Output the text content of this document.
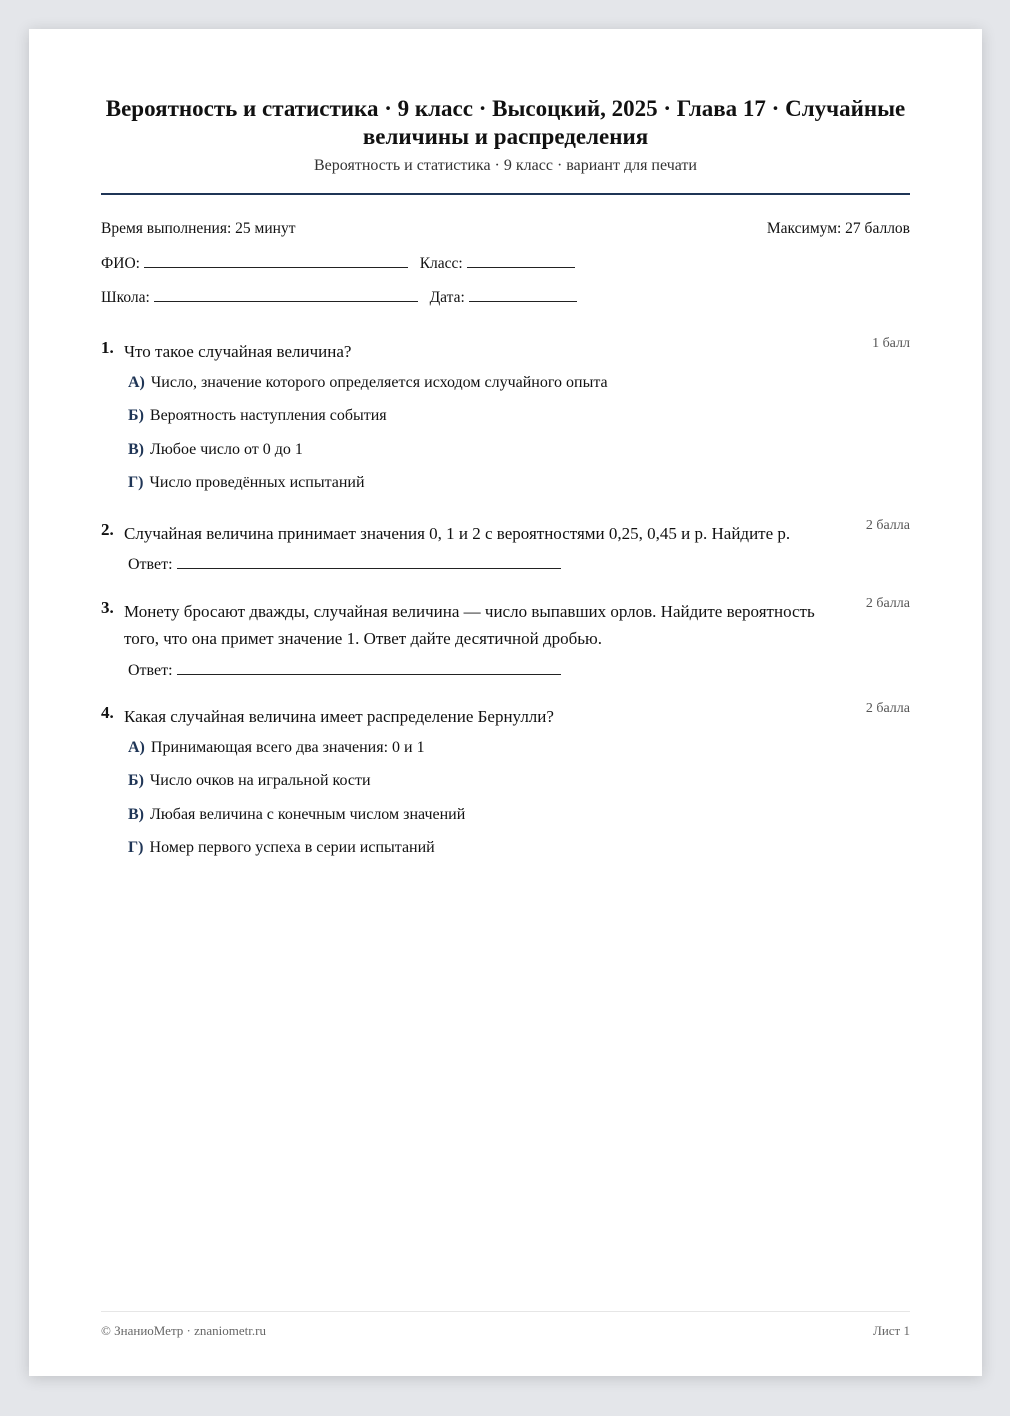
Вероятность и статистика · 9 класс · Высоцкий, 2025 · Глава 17 · Случайные величины и распределения
Вероятность и статистика · 9 класс · вариант для печати
Время выполнения: 25 минут	Максимум: 27 баллов
ФИО:	Класс:
Школа:	Дата:
1. Что такое случайная величина?	1 балл
А) Число, значение которого определяется исходом случайного опыта
Б) Вероятность наступления события
В) Любое число от 0 до 1
Г) Число проведённых испытаний
2. Случайная величина принимает значения 0, 1 и 2 с вероятностями 0,25, 0,45 и p. Найдите p.	2 балла
Ответ:
3. Монету бросают дважды, случайная величина — число выпавших орлов. Найдите вероятность того, что она примет значение 1. Ответ дайте десятичной дробью.
2 балла
Ответ:
4. Какая случайная величина имеет распределение Бернулли?	2 балла
А) Принимающая всего два значения: 0 и 1
Б) Число очков на игральной кости
В) Любая величина с конечным числом значений
Г) Номер первого успеха в серии испытаний
© ЗнаниоМетр · znaniometr.ru	Лист 1
